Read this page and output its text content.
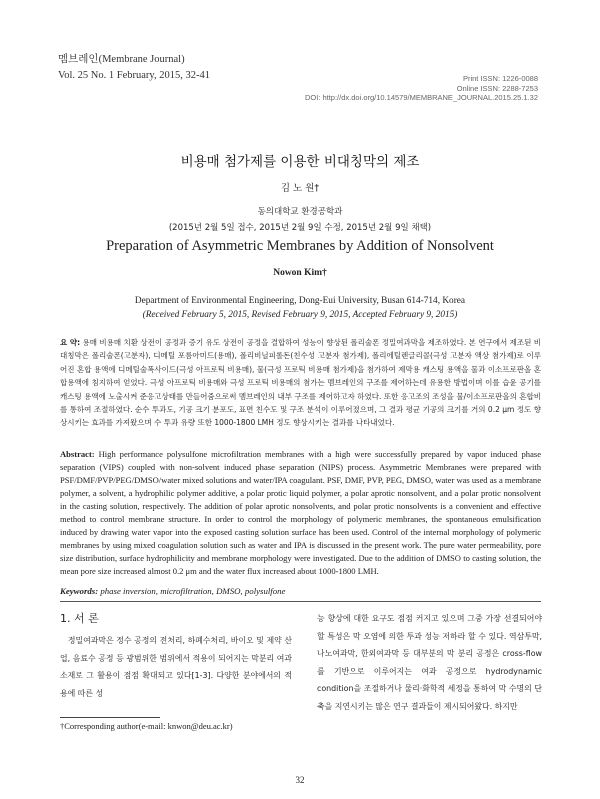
멤브레인(Membrane Journal)
Vol. 25 No. 1 February, 2015, 32-41	Print ISSN: 1226-0088
Online ISSN: 2288-7253
DOI: http://dx.doi.org/10.14579/MEMBRANE_JOURNAL.2015.25.1.32
비용매 첨가제를 이용한 비대칭막의 제조
김 노 원†
동의대학교 환경공학과
(2015년 2월 5일 접수, 2015년 2월 9일 수정, 2015년 2월 9일 채택)
Preparation of Asymmetric Membranes by Addition of Nonsolvent
Nowon Kim†
Department of Environmental Engineering, Dong-Eui University, Busan 614-714, Korea
(Received February 5, 2015, Revised February 9, 2015, Accepted February 9, 2015)
요 약: 용매 비용매 치환 상전이 공정과 증기 유도 상전이 공정을 결합하여 성능이 향상된 폴리술폰 정밀여과막을 제조하였다. 본 연구에서 제조된 비대칭막은 폴리술폰(고분자), 디메틸 포름아미드(용매), 폴리비닐피롤돈(친수성 고분자 첨가제), 폴리에틸렌글리콜(극성 고분자 액상 첨가제)로 이루어진 혼합 용액에 디메틸술폭사이드(극성 아프로틱 비용매), 물(극성 프로틱 비용매 첨가제)을 첨가하여 제막용 캐스팅 용액을 물과 이소프로판올 혼합용액에 침지하여 얻었다. 극성 아프로틱 비용매와 극성 프로틱 비용매의 첨가는 멤브레인의 구조를 제어하는데 유용한 방법이며 이를 습윤 공기를 캐스팅 용액에 노출시켜 준응고상태를 만들어줌으로써 멤브레인의 내부 구조를 제어하고자 하였다. 또한 응고조의 조성을 물/이소프로판올의 혼합비를 통하여 조절하였다. 순수 투과도, 기공 크기 분포도, 표면 친수도 및 구조 분석이 이루어졌으며, 그 결과 평균 기공의 크기를 거의 0.2 μm 정도 향상시키는 효과를 가져왔으며 수 투과 유량 또한 1000-1800 LMH 정도 향상시키는 결과를 나타내었다.
Abstract: High performance polysulfone microfiltration membranes with a high were successfully prepared by vapor induced phase separation (VIPS) coupled with non-solvent induced phase separation (NIPS) process. Asymmetric Membranes were prepared with PSF/DMF/PVP/PEG/DMSO/water mixed solutions and water/IPA coagulant. PSF, DMF, PVP, PEG, DMSO, water was used as a membrane polymer, a solvent, a hydrophilic polymer additive, a polar protic liquid polymer, a polar aprotic nonsolvent, and a polar protic nonsolvent in the casting solution, respectively. The addition of polar aprotic nonsolvents, and polar protic nonsolvents is a convenient and effective method to control membrane structure. In order to control the morphology of polymeric membranes, the spontaneous emulsification induced by drawing water vapor into the exposed casting solution surface has been used. Control of the internal morphology of polymeric membranes by using mixed coagulation solution such as water and IPA is discussed in the present work. The pure water permeability, pore size distribution, surface hydrophilicity and membrane morphology were investigated. Due to the addition of DMSO to casting solution, the mean pore size increased almost 0.2 μm and the water flux increased about 1000-1800 LMH.
Keywords: phase inversion, microfiltration, DMSO, polysulfone
1. 서 론
정밀여과막은 정수 공정의 전처리, 하폐수처리, 바이오 및 제약 산업, 음료수 공정 등 광범위한 범위에서 적용이 되어지는 막분리 여과 소재로 그 활용이 점점 확대되고 있다[1-3]. 다양한 분야에서의 적용에 따른 성
능 향상에 대한 요구도 점점 커지고 있으며 그중 가장 선결되어야 할 특성은 막 오염에 의한 투과 성능 저하라 할 수 있다. 역삼투막, 나노여과막, 한외여과막 등 대부분의 막 분리 공정은 cross-flow를 기반으로 이루어지는 여과 공정으로 hydrodynamic condition을 조절하거나 물리·화학적 세정을 통하여 막 수명의 단축을 지연시키는 많은 연구 결과들이 제시되어왔다. 하지만
†Corresponding author(e-mail: knwon@deu.ac.kr)
32
